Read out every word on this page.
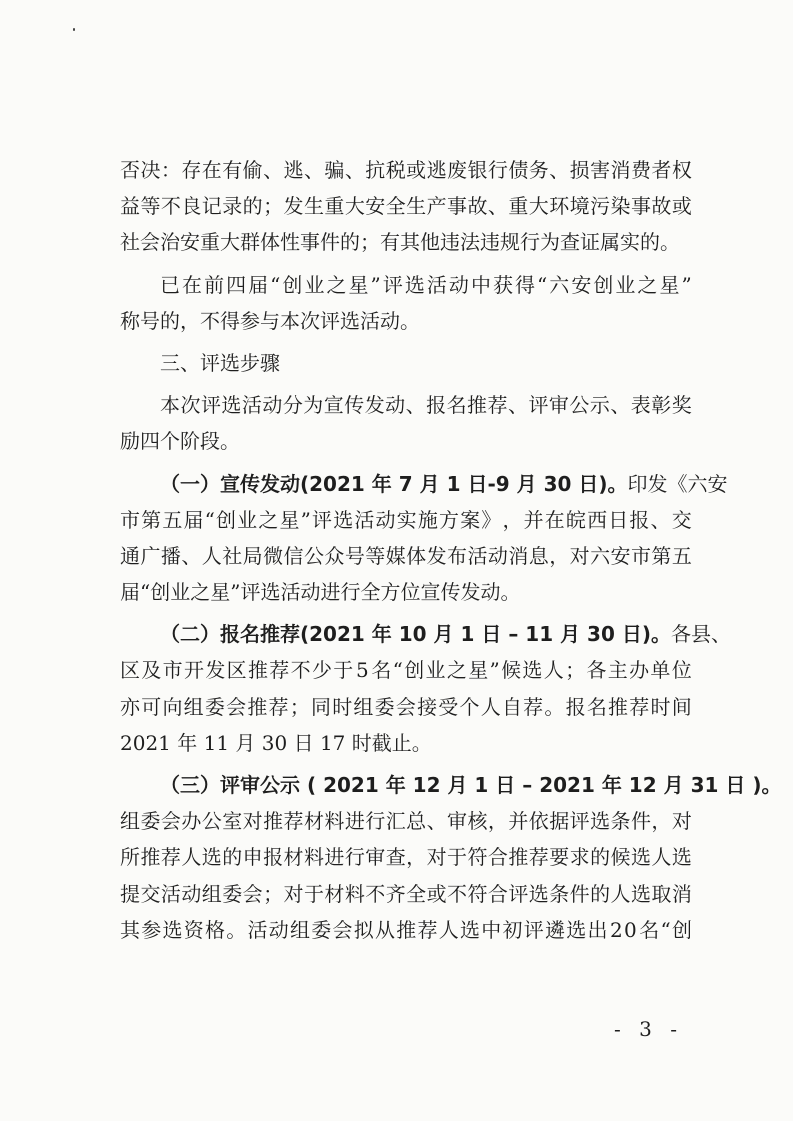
否 决 ： 存 在 有 偷 、 逃 、 骗 、 抗 税 或 逃 废 银 行 债 务 、 损 害 消 费 者 权
益 等 不 良 记 录 的 ； 发 生 重 大 安 全 生 产 事 故 、 重 大 环 境 污 染 事 故 或
社会治安重大群体性事件的；有其他违法违规行为查证属实的。
已 在 前 四 届 “ 创 业 之 星 ” 评 选 活 动 中 获 得 “ 六 安 创 业 之 星 ”
称号的，不得参与本次评选活动。
三、评选步骤
本 次 评 选 活 动 分 为 宣 传 发 动 、 报 名 推 荐 、 评 审 公 示 、 表 彰 奖
励四个阶段。
（一）宣传发动(2021 年 7 月 1 日-9 月 30 日)。 印发《六安
市 第 五 届 “ 创 业 之 星 ” 评 选 活 动 实 施 方 案 》 ， 并 在 皖 西 日 报 、 交
通 广 播 、 人 社 局 微 信 公 众 号 等 媒 体 发 布 活 动 消 息 ， 对 六 安 市 第 五
届“创业之星”评选活动进行全方位宣传发动。
（二）报名推荐(2021 年 10 月 1 日 – 11 月 30 日)。 各县、
区 及 市 开 发 区 推 荐 不 少 于 5 名 “ 创 业 之 星 ” 候 选 人 ； 各 主 办 单 位
亦 可 向 组 委 会 推 荐 ； 同 时 组 委 会 接 受 个 人 自 荐 。 报 名 推 荐 时 间
2021 年 11 月 30 日 17 时截止。
（三）评审公示 ( 2021 年 12 月 1 日 – 2021 年 12 月 31 日 )。
组 委 会 办 公 室 对 推 荐 材 料 进 行 汇 总 、 审 核 ， 并 依 据 评 选 条 件 ， 对
所 推 荐 人 选 的 申 报 材 料 进 行 审 查 ， 对 于 符 合 推 荐 要 求 的 候 选 人 选
提 交 活 动 组 委 会 ； 对 于 材 料 不 齐 全 或 不 符 合 评 选 条 件 的 人 选 取 消
其 参 选 资 格 。 活 动 组 委 会 拟 从 推 荐 人 选 中 初 评 遴 选 出 2 0 名 “ 创
- 3 -
